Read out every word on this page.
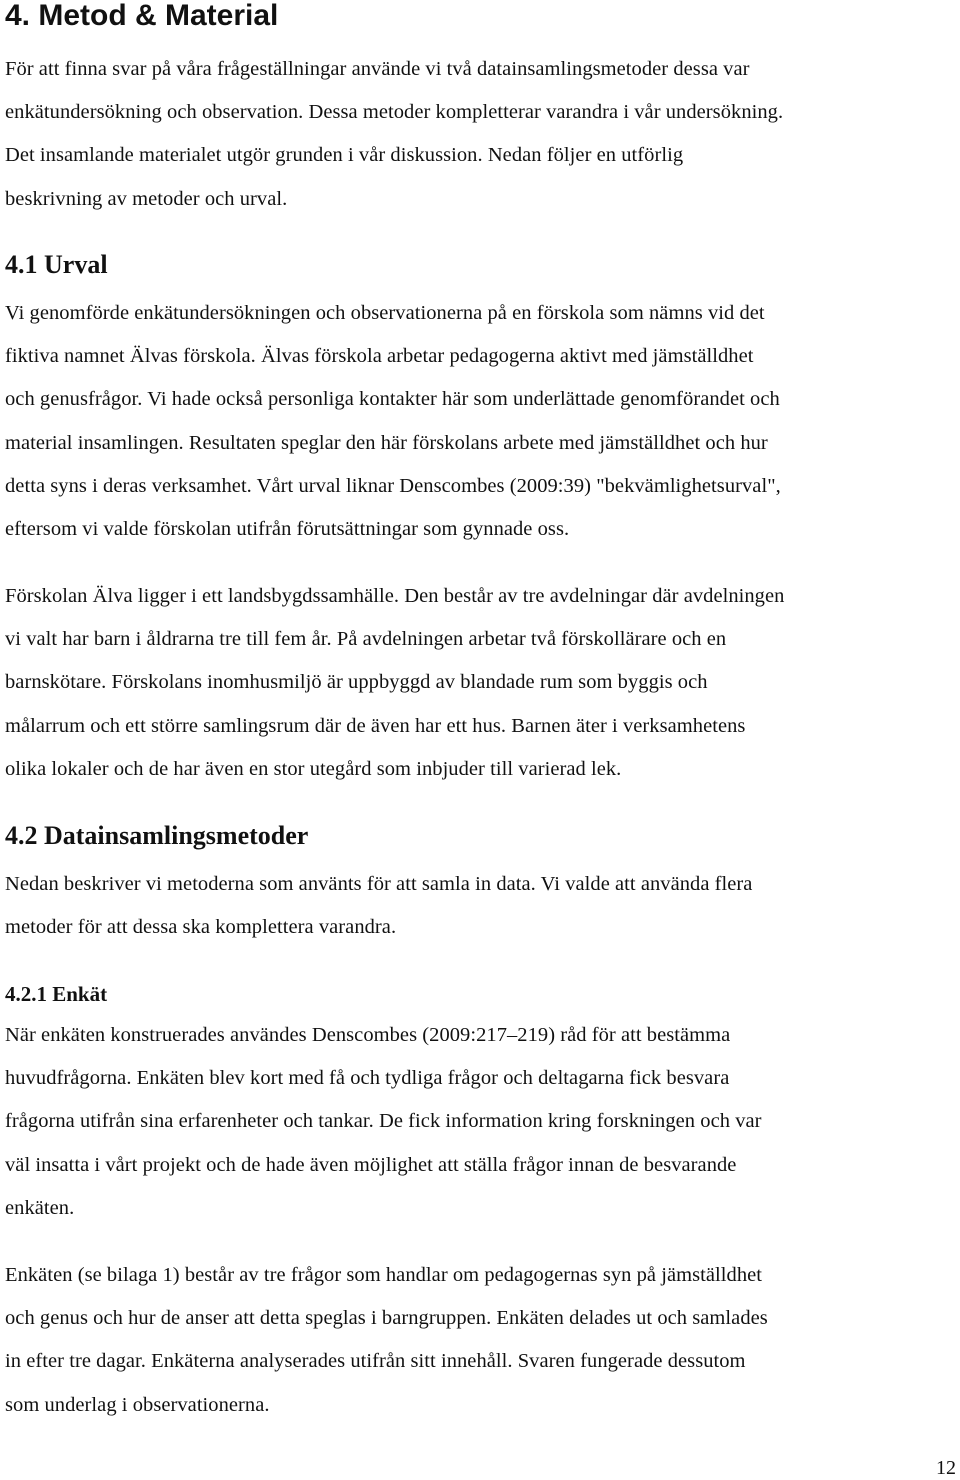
4. Metod & Material
För att finna svar på våra frågeställningar använde vi två datainsamlingsmetoder dessa var
enkätundersökning och observation. Dessa metoder kompletterar varandra i vår undersökning.
Det insamlande materialet utgör grunden i vår diskussion. Nedan följer en utförlig
beskrivning av metoder och urval.
4.1 Urval
Vi genomförde enkätundersökningen och observationerna på en förskola som nämns vid det
fiktiva namnet Älvas förskola. Älvas förskola arbetar pedagogerna aktivt med jämställdhet
och genusfrågor. Vi hade också personliga kontakter här som underlättade genomförandet och
material insamlingen. Resultaten speglar den här förskolans arbete med jämställdhet och hur
detta syns i deras verksamhet. Vårt urval liknar Denscombes (2009:39) "bekvämlighetsurval",
eftersom vi valde förskolan utifrån förutsättningar som gynnade oss.
Förskolan Älva ligger i ett landsbygdssamhälle. Den består av tre avdelningar där avdelningen
vi valt har barn i åldrarna tre till fem år. På avdelningen arbetar två förskollärare och en
barnskötare. Förskolans inomhusmiljö är uppbyggd av blandade rum som byggis och
målarrum och ett större samlingsrum där de även har ett hus. Barnen äter i verksamhetens
olika lokaler och de har även en stor utegård som inbjuder till varierad lek.
4.2 Datainsamlingsmetoder
Nedan beskriver vi metoderna som använts för att samla in data. Vi valde att använda flera
metoder för att dessa ska komplettera varandra.
4.2.1 Enkät
När enkäten konstruerades användes Denscombes (2009:217–219) råd för att bestämma
huvudfrågorna. Enkäten blev kort med få och tydliga frågor och deltagarna fick besvara
frågorna utifrån sina erfarenheter och tankar. De fick information kring forskningen och var
väl insatta i vårt projekt och de hade även möjlighet att ställa frågor innan de besvarande
enkäten.
Enkäten (se bilaga 1) består av tre frågor som handlar om pedagogernas syn på jämställdhet
och genus och hur de anser att detta speglas i barngruppen. Enkäten delades ut och samlades
in efter tre dagar. Enkäterna analyserades utifrån sitt innehåll. Svaren fungerade dessutom
som underlag i observationerna.
12
